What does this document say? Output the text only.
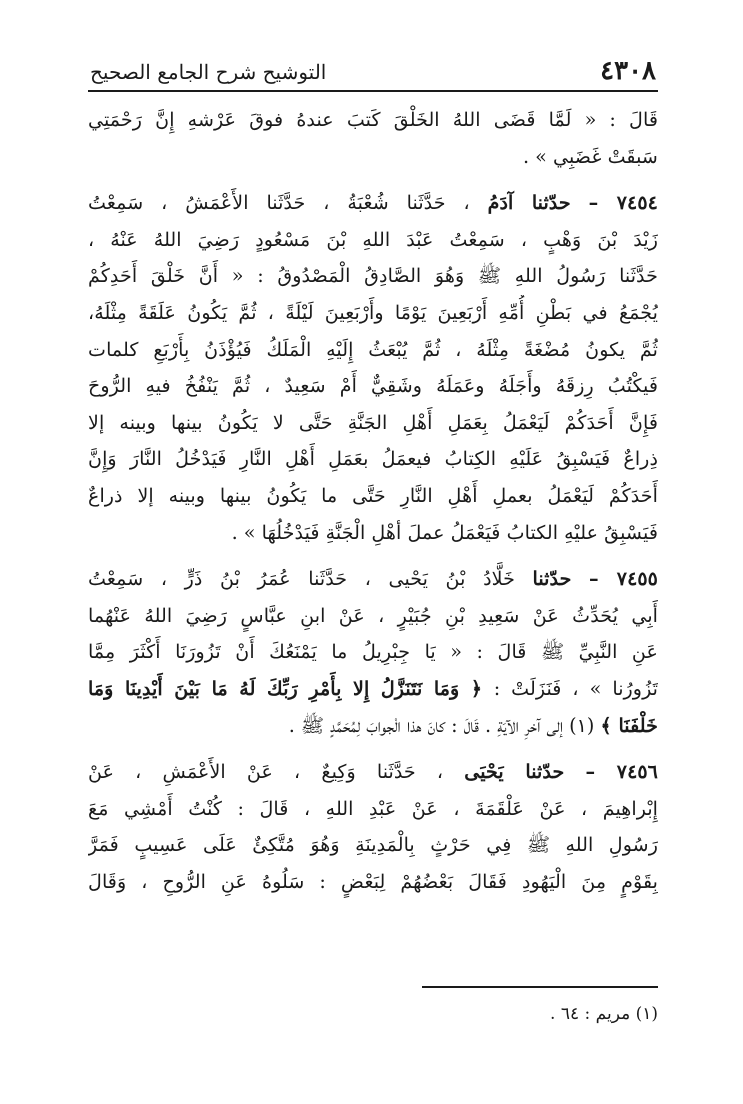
٤٣٠٨
التوشيح شرح الجامع الصحيح
قَالَ : « لَمَّا قَضَى اللهُ الخَلْقَ كَتبَ عندهُ فوقَ عَرْشهِ إِنَّ رَحْمَتِي
سَبقَتْ غَضَبِي » .
٧٤٥٤ – حدّثنا آدَمُ ، حَدَّثَنا شُعْبَةُ ، حَدَّثَنا الأَعْمَشُ ، سَمِعْتُ
زَيْدَ بْنَ وَهْبٍ ، سَمِعْتُ عَبْدَ اللهِ بْنَ مَسْعُودٍ رَضِيَ اللهُ عَنْهُ ،
حَدَّثَنا رَسُولُ اللهِ ﷺ وَهُوَ الصَّادِقُ الْمَصْدُوقُ : « أَنَّ خَلْقَ أَحَدِكُمْ
يُجْمَعُ في بَطْنِ أُمِّهِ أَرْبَعِينَ يَوْمًا وأَرْبَعِينَ لَيْلَةً ، ثُمَّ يَكُونُ عَلَقَةً مِثْلَهُ،
ثُمَّ يكونُ مُضْغَةً مِثْلَهُ ، ثُمَّ يُبْعَثُ إِلَيْهِ الْمَلَكُ فَيُؤْذَنُ بِأَرْبَعِ كلمات
فَيكْتُبُ رِزقَهُ وأَجَلَهُ وعَمَلَهُ وشَقِيٌّ أَمْ سَعِيدٌ ، ثُمَّ يَنْفُخُ فيهِ الرُّوحَ
فَإِنَّ أَحَدَكُمْ لَيَعْمَلُ بِعَمَلِ أَهْلِ الجَنَّةِ حَتَّى لا يَكُونُ بينها وبينه إلا
ذِراعٌ فَيَسْبِقُ عَلَيْهِ الكِتابُ فيعمَلُ بعَمَلِ أَهْلِ النَّارِ فَيَدْخُلُ النَّارَ وَإِنَّ
أَحَدَكُمْ لَيَعْمَلُ بعملِ أَهْلِ النَّارِ حَتَّى ما يَكُونُ بينها وبينه إلا ذراعٌ
فَيَسْبِقُ عليْهِ الكتابُ فَيَعْمَلُ عملَ أهْلِ الْجَنَّةِ فَيَدْخُلُهَا » .
٧٤٥٥ – حدّثنا خَلَّادُ بْنُ يَحْيى ، حَدَّثَنا عُمَرُ بْنُ ذَرٍّ ، سَمِعْتُ
أَبِي يُحَدِّثُ عَنْ سَعِيدِ بْنِ جُبَيْرٍ ، عَنْ ابنِ عبَّاسٍ رَضِيَ اللهُ عَنْهُما
عَنِ النَّبِيِّ ﷺ قَالَ : « يَا جِبْرِيلُ ما يَمْنَعُكَ أَنْ تَزُورَنَا أَكْثَرَ مِمَّا
تَزُورُنا » ، فَنَزَلَتْ : ﴿ وَمَا نَتَنَزَّلُ إِلا بِأَمْرِ رَبِّكَ لَهُ مَا بَيْنَ أَيْدِينَا وَمَا
خَلْفَنَا ﴾ (١) إلى آخرِ الآيَةِ . قَالَ : كانَ هذا الْجوابَ لِمُحَمَّدٍ ﷺ .
٧٤٥٦ – حدّثنا يَحْيَى ، حَدَّثَنا وَكِيعٌ ، عَنْ الأَعْمَشِ ، عَنْ
إِبْراهِيمَ ، عَنْ عَلْقَمَةَ ، عَنْ عَبْدِ اللهِ ، قَالَ : كُنْتُ أَمْشِي مَعَ
رَسُولِ اللهِ ﷺ فِي حَرْثٍ بِالْمَدِينَةِ وَهُوَ مُتَّكِئٌ عَلَى عَسِيبٍ فَمَرَّ
بِقَوْمٍ مِنَ الْيَهُودِ فَقَالَ بَعْضُهُمْ لِبَعْضٍ : سَلُوهُ عَنِ الرُّوحِ ، وَقَالَ
(١) مريم : ٦٤ .
